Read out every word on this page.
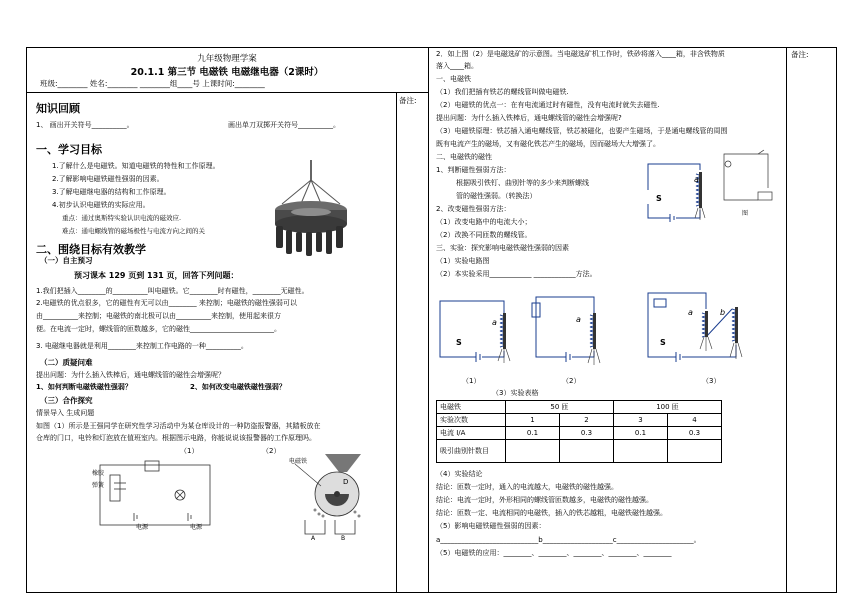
九年级物理学案
20.1.1 第三节 电磁铁 电磁继电器（2课时）
班级:________ 姓名:________ ________组____号 上课时间:________
备注:
知识回顾
1、 画出开关符号__________。	画出单刀双掷开关符号__________。
一、学习目标
1.了解什么是电磁铁。知道电磁铁的特性和工作原理。
2.了解影响电磁铁磁性强弱的因素。
3.了解电磁继电器的结构和工作原理。
4.初步认识电磁铁的实际应用。
重点：通过奥斯特实验认识电流的磁效应.
难点：通电螺线管的磁场极性与电流方向之间的关
二、围绕目标有效教学
（一）自主预习
预习课本 129 页到 131 页，回答下列问题：
1.我们把插入________的__________叫电磁铁。它________时有磁性，________无磁性。
2.电磁铁的优点很多，它的磁性有无可以由________ 来控制；电磁铁的磁性强弱可以
由__________来控制；电磁铁的南北极可以由__________来控制，使用起来很方
便。在电流一定时，螺线管的匝数越多，它的磁性________________________。
3. 电磁继电器就是利用________来控制工作电路的一种__________。
（二）质疑问难
提出问题：为什么插入铁棒后，通电螺线管的磁性会增强呢？
1、如何判断电磁铁磁性强弱？	2、如何改变电磁铁磁性强弱？
（三）合作探究
情景导入 生成问题
如图（1）所示是王强同学在研究性学习活动中为某仓库设计的一种防盗报警器，其踏板放在
仓库的门口，电铃和灯泡放在值班室内。根据图示电路，你能说说该报警器的工作原理吗。
（1）	（2）
橡胶
弹簧
电源	电源
电磁铁
D
A	B
备注:
2．如上图（2）是电磁选矿的示意图。当电磁选矿机工作时，铁砂将落入____箱，非含铁物质
落入____箱。
一、电磁铁
（1）我们把插有铁芯的螺线管叫做电磁铁.
（2）电磁铁的优点一：在有电流通过时有磁性，没有电流时就失去磁性.
提出问题：为什么插入铁棒后，通电螺线管的磁性会增强呢?
（3）电磁铁原理：铁芯插入通电螺线管，铁芯被磁化，也要产生磁场，于是通电螺线管的周围
既有电流产生的磁场，又有磁化铁芯产生的磁场，因而磁场大大增强了。
二、电磁铁的磁性
1、判断磁性强弱方法：
根据吸引铁钉、曲别针等的多少来判断螺线
管的磁性强弱。（转换法）
2、改变磁性强弱方法：
（1）改变电路中的电流大小；
（2）改换不同匝数的螺线管。
三、实验：探究影响电磁铁磁性强弱的因素
（1）实验电路图
（2）本实验采用____________ ____________方法。
S
a
图
S
a	a
S
a	b
（1）	（2）	（3）
（3）实验表格
电磁铁	50 匝		100 匝	
实验次数	1	2	3	4
电流 I/A	0.1	0.3	0.1	0.3
吸引曲别针数目				
（4）实验结论
结论：匝数一定时，通入的电流越大，电磁铁的磁性越强。
结论：电流一定时，外形相同的螺线管匝数越多，电磁铁的磁性越强。
结论：匝数一定、电流相同的电磁铁，插入的铁芯越粗，电磁铁磁性越强。
（5）影响电磁铁磁性强弱的因素：
a____________________________b____________________c______________________。
（5）电磁铁的应用：________、________、________、________、________
